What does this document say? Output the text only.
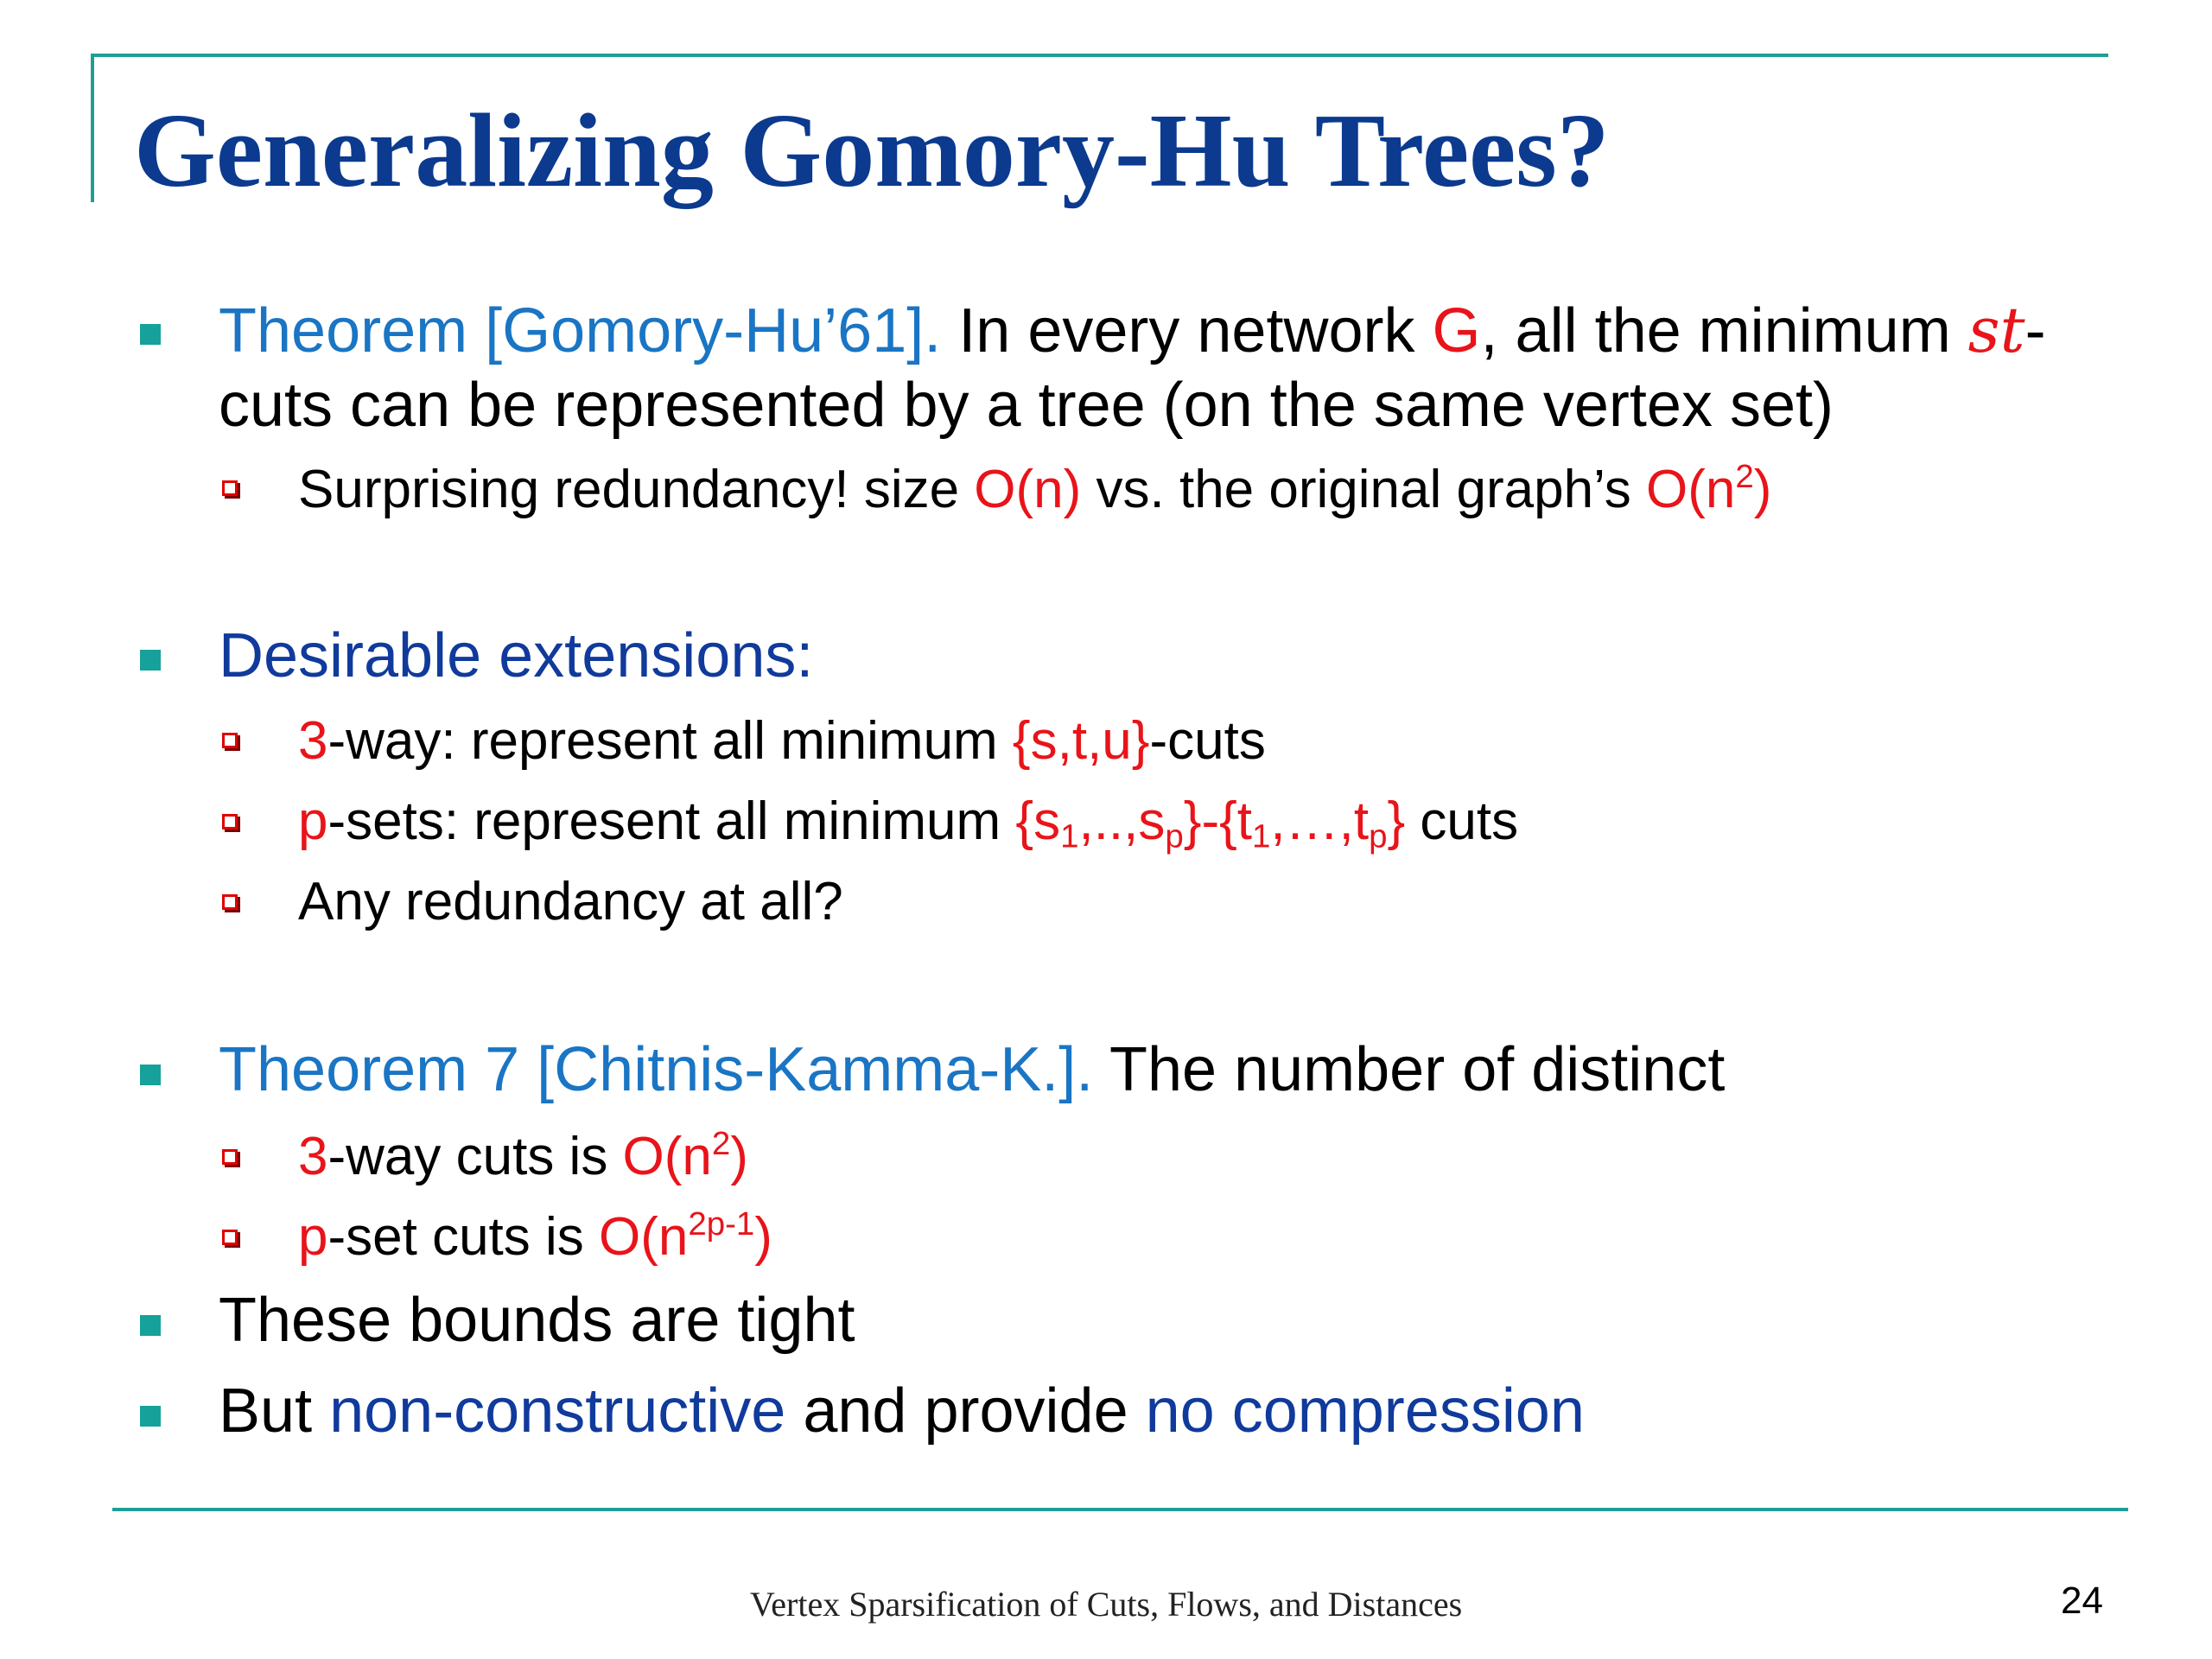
Generalizing Gomory-Hu Trees?
Theorem [Gomory-Hu’61]. In every network G, all the minimum st-
cuts can be represented by a tree (on the same vertex set)
Surprising redundancy! size O(n) vs. the original graph’s $O(n^2)$
Desirable extensions:
3-way: represent all minimum {s,t,u}-cuts
p-sets: represent all minimum $\{s_1,..,s_p\}-\{t_1,\dots,t_p\}$ cuts
Any redundancy at all?
Theorem 7 [Chitnis-Kamma-K.]. The number of distinct
3-way cuts is $O(n^2)$
p-set cuts is $O(n^{2p-1})$
These bounds are tight
But non-constructive and provide no compression
Vertex Sparsification of Cuts, Flows, and Distances	24
